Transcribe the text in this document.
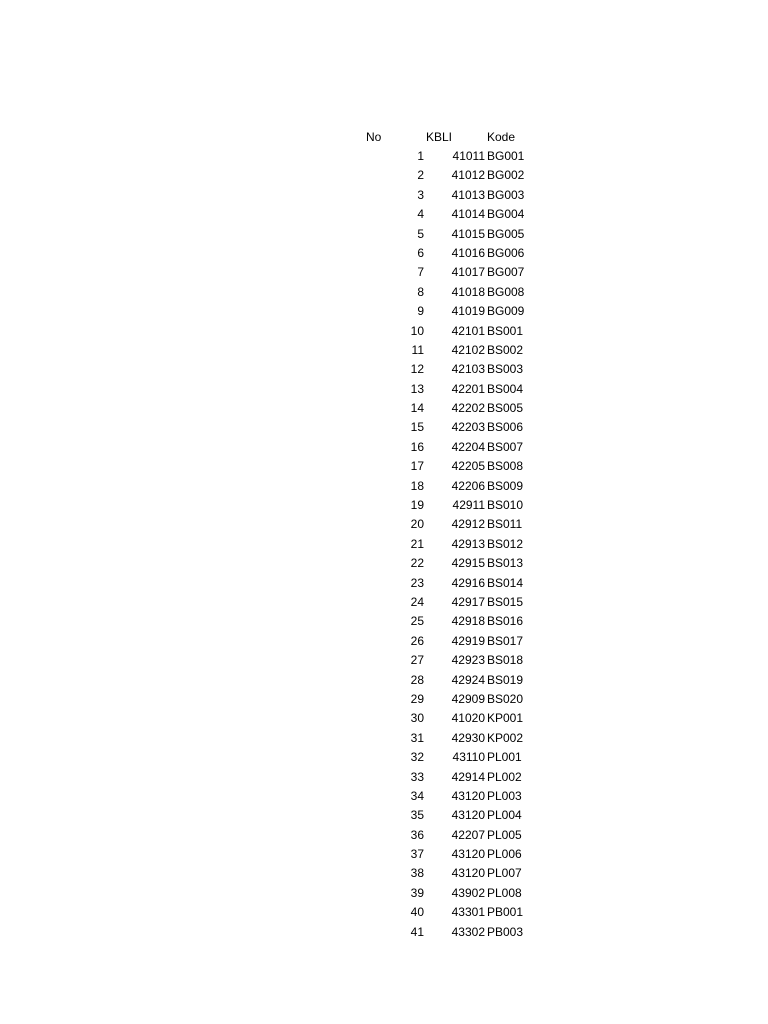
No	KBLI	Kode
1 41011 BG001
2 41012 BG002
3 41013 BG003
4 41014 BG004
5 41015 BG005
6 41016 BG006
7 41017 BG007
8 41018 BG008
9 41019 BG009
10 42101 BS001
11 42102 BS002
12 42103 BS003
13 42201 BS004
14 42202 BS005
15 42203 BS006
16 42204 BS007
17 42205 BS008
18 42206 BS009
19 42911 BS010
20 42912 BS011
21 42913 BS012
22 42915 BS013
23 42916 BS014
24 42917 BS015
25 42918 BS016
26 42919 BS017
27 42923 BS018
28 42924 BS019
29 42909 BS020
30 41020 KP001
31 42930 KP002
32 43110 PL001
33 42914 PL002
34 43120 PL003
35 43120 PL004
36 42207 PL005
37 43120 PL006
38 43120 PL007
39 43902 PL008
40 43301 PB001
41 43302 PB003
